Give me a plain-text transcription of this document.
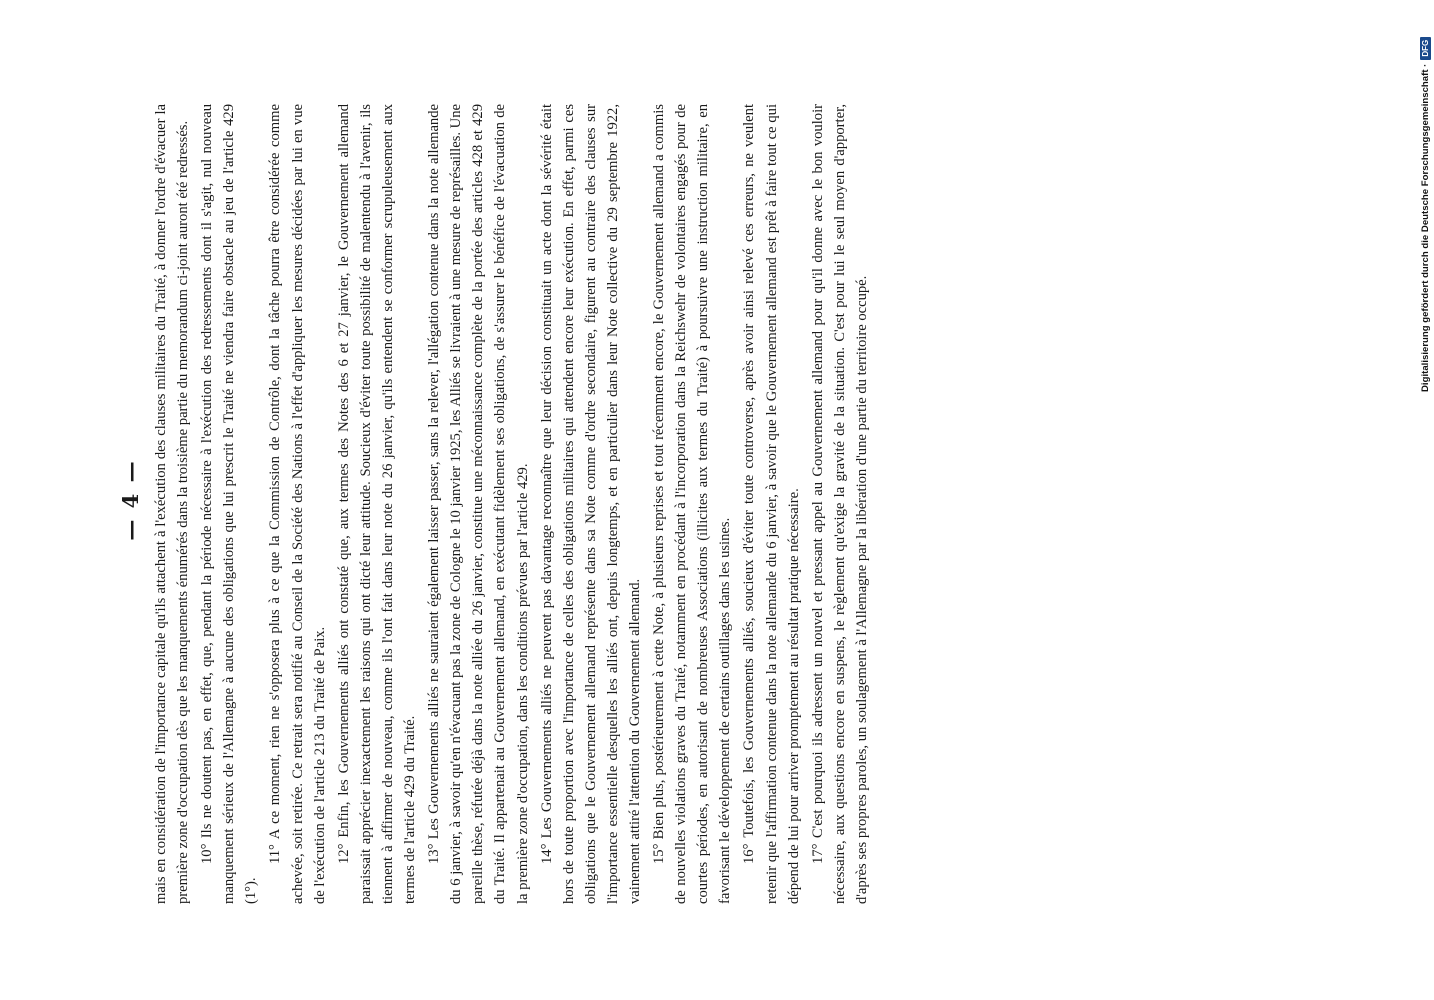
— 4 — mais en considération de l'importance capitale qu'ils attachent à l'exécution des clauses militaires du Traité, à donner l'ordre d'évacuer la première zone d'occupation dès que les manquements énumérés dans la troisième partie du memorandum ci-joint auront été redressés. 10° Ils ne doutent pas, en effet, que, pendant la période nécessaire à l'exécution des redressements dont il s'agit, nul nouveau manquement sérieux de l'Allemagne à aucune des obligations que lui prescrit le Traité ne viendra faire obstacle au jeu de l'article 429 (1°).

11° A ce moment, rien ne s'opposera plus à ce que la Commission de Contrôle, dont la tâche pourra être considérée comme achevée, soit retirée. Ce retrait sera notifié au Conseil de la Société des Nations à l'effet d'appliquer les mesures décidées par lui en vue de l'exécution de l'article 213 du Traité de Paix. 12° Enfin, les Gouvernements alliés ont constaté que, aux termes des Notes des 6 et 27 janvier, le Gouvernement allemand paraissait apprécier inexactement les raisons qui ont dicté leur attitude. Soucieux d'éviter toute possibilité de malentendu à l'avenir, ils tiennent à affirmer de nouveau, comme ils l'ont fait dans leur note du 26 janvier, qu'ils entendent se conformer scrupuleusement aux termes de l'article 429 du Traité. 13° Les Gouvernements alliés ne sauraient également laisser passer, sans la relever, l'allégation contenue dans la note allemande du 6 janvier, à savoir qu'en n'évacuant pas la zone de Cologne le 10 janvier 1925, les Alliés se livraient à une mesure de représailles. Une pareille thèse, réfutée déjà dans la note alliée du 26 janvier, constitue une méconnaissance complète de la portée des articles 428 et 429 du Traité. Il appartenait au Gouvernement allemand, en exécutant fidèlement ses obligations, de s'assurer le bénéfice de l'évacuation de la première zone d'occupation, dans les conditions prévues par l'article 429. 14° Les Gouvernements alliés ne peuvent pas davantage reconnaître que leur décision constituait un acte dont la sévérité était hors de toute proportion avec l'importance de celles des obligations militaires qui attendent encore leur exécution. En effet, parmi ces obligations que le Gouvernement allemand représente dans sa Note comme d'ordre secondaire, figurent au contraire des clauses sur l'importance essentielle desquelles les alliés ont, depuis longtemps, et en particulier dans leur Note collective du 29 septembre 1922, vainement attiré l'attention du Gouvernement allemand. 15° Bien plus, postérieurement à cette Note, à plusieurs reprises et tout récemment encore, le Gouvernement allemand a commis de nouvelles violations graves du Traité, notamment en procédant à l'incorporation dans la Reichswehr de volontaires engagés pour de courtes périodes, en autorisant de nombreuses Associations (illicites aux termes du Traité) à poursuivre une instruction militaire, en favorisant le développement de certains outillages dans les usines. 16° Toutefois, les Gouvernements alliés, soucieux d'éviter toute controverse, après avoir ainsi relevé ces erreurs, ne veulent retenir que l'affirmation contenue dans la note allemande du 6 janvier, à savoir que le Gouvernement allemand est prêt à faire tout ce qui dépend de lui pour arriver promptement au résultat pratique nécessaire. 17° C'est pourquoi ils adressent un nouvel et pressant appel au Gouvernement allemand pour qu'il donne avec le bon vouloir nécessaire, aux questions encore en suspens, le règlement qu'exige la gravité de la situation. C'est pour lui le seul moyen d'apporter, d'après ses propres paroles, un soulagement à l'Allemagne par la libération d'une partie du territoire occupé.

Digitalisierung gefördert durch die Deutsche Forschungsgemeinschaft ·
DFG
